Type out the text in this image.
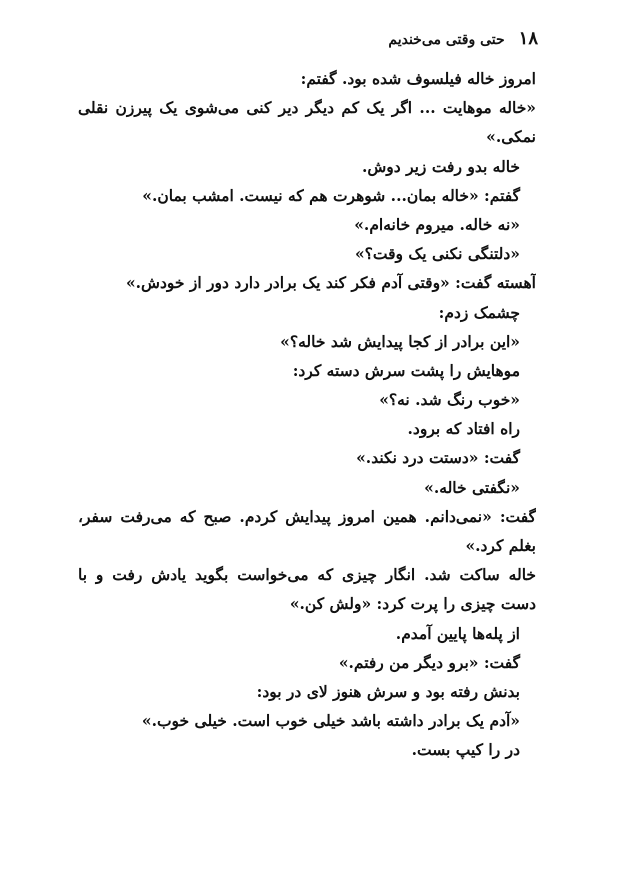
۱۸
حتی وقتی می‌خندیم
امروز خاله فیلسوف شده بود. گفتم:
«خاله موهایت ... اگر یک کم دیگر دیر کنی می‌شوی یک پیرزن نقلی
نمکی.»
خاله بدو رفت زیر دوش.
گفتم: «خاله بمان... شوهرت هم که نیست. امشب بمان.»
«نه خاله. میروم خانه‌ام.»
«دلتنگی نکنی یک وقت؟»
آهسته گفت: «وقتی آدم فکر کند یک برادر دارد دور از خودش.»
چشمک زدم:
«این برادر از کجا پیدایش شد خاله؟»
موهایش را پشت سرش دسته کرد:
«خوب رنگ شد. نه؟»
راه افتاد که برود.
گفت: «دستت درد نکند.»
«نگفتی خاله.»
گفت: «نمی‌دانم. همین امروز پیدایش کردم. صبح که می‌رفت سفر،
بغلم کرد.»
خاله ساکت شد. انگار چیزی که می‌خواست بگوید یادش رفت و با
دست چیزی را پرت کرد: «ولش کن.»
از پله‌ها پایین آمدم.
گفت: «برو دیگر من رفتم.»
بدنش رفته بود و سرش هنوز لای در بود:
«آدم یک برادر داشته باشد خیلی خوب است. خیلی خوب.»
در را کیپ بست.
